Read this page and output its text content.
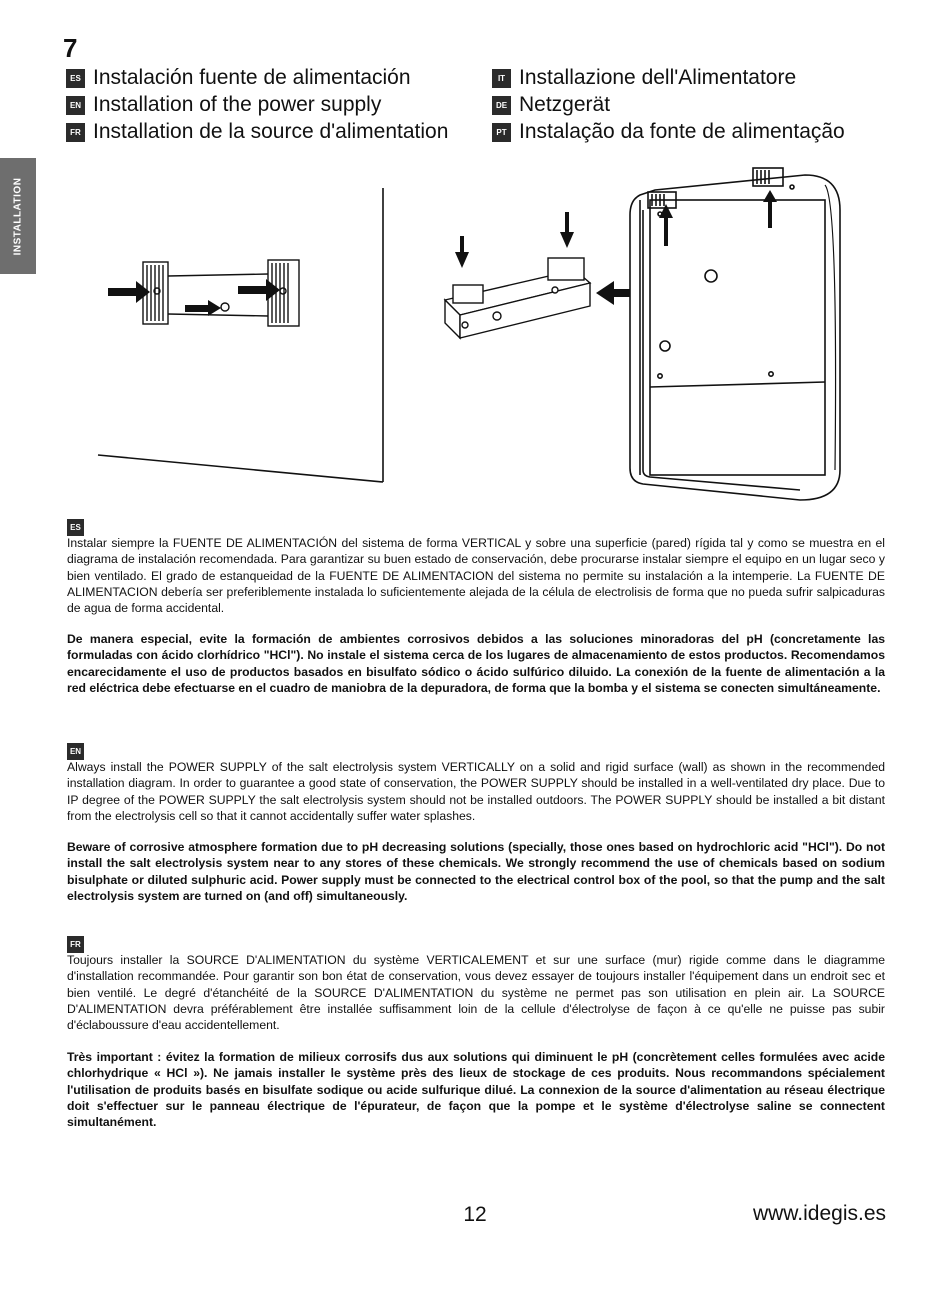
7
INSTALLATION
ES Instalación fuente de alimentación
EN Installation of the power supply
FR Installation de la source d'alimentation
IT Installazione dell'Alimentatore
DE Netzgerät
PT Instalação da fonte de alimentação
ES

Instalar siempre la FUENTE DE ALIMENTACIÓN del sistema de forma VERTICAL y sobre una superficie (pared) rígida tal y como se muestra en el diagrama de instalación recomendada. Para garantizar su buen estado de conservación, debe procurarse instalar siempre el equipo en un lugar seco y bien ventilado. El grado de estanqueidad de la FUENTE DE ALIMENTACION del sistema no permite su instalación a la intemperie. La FUENTE DE ALIMENTACION debería ser preferiblemente instalada lo suficientemente alejada de la célula de electrolisis de forma que no pueda sufrir salpicaduras de agua de forma accidental.

De manera especial, evite la formación de ambientes corrosivos debidos a las soluciones minoradoras del pH (concretamente las formuladas con ácido clorhídrico "HCl"). No instale el sistema cerca de los lugares de almacenamiento de estos productos. Recomendamos encarecidamente el uso de productos basados en bisulfato sódico o ácido sulfúrico diluido. La conexión de la fuente de alimentación a la red eléctrica debe efectuarse en el cuadro de maniobra de la depuradora, de forma que la bomba y el sistema se conecten simultáneamente.

EN

Always install the POWER SUPPLY of the salt electrolysis system VERTICALLY on a solid and rigid surface (wall) as shown in the recommended installation diagram. In order to guarantee a good state of conservation, the POWER SUPPLY should be installed in a well-ventilated dry place. Due to IP degree of the POWER SUPPLY the salt electrolysis system should not be installed outdoors. The POWER SUPPLY should be installed a bit distant from the electrolysis cell so that it cannot accidentally suffer water splashes.

Beware of corrosive atmosphere formation due to pH decreasing solutions (specially, those ones based on hydrochloric acid "HCl"). Do not install the salt electrolysis system near to any stores of these chemicals. We strongly recommend the use of chemicals based on sodium bisulphate or diluted sulphuric acid. Power supply must be connected to the electrical control box of the pool, so that the pump and the salt electrolysis system are turned on (and off) simultaneously.

FR

Toujours installer la SOURCE D'ALIMENTATION du système VERTICALEMENT et sur une surface (mur) rigide comme dans le diagramme d'installation recommandée. Pour garantir son bon état de conservation, vous devez essayer de toujours installer l'équipement dans un endroit sec et bien ventilé. Le degré d'étanchéité de la SOURCE D'ALIMENTATION du système ne permet pas son utilisation en plein air. La SOURCE D'ALIMENTATION devra préférablement être installée suffisamment loin de la cellule d'électrolyse de façon à ce qu'elle ne puisse pas subir d'éclaboussure d'eau accidentellement.

Très important : évitez la formation de milieux corrosifs dus aux solutions qui diminuent le pH (concrètement celles formulées avec acide chlorhydrique « HCl »). Ne jamais installer le système près des lieux de stockage de ces produits. Nous recommandons spécialement l'utilisation de produits basés en bisulfate sodique ou acide sulfurique dilué. La connexion de la source d'alimentation au réseau électrique doit s'effectuer sur le panneau électrique de l'épurateur, de façon que la pompe et le système d'électrolyse saline se connectent simultanément.

12	www.idegis.es
